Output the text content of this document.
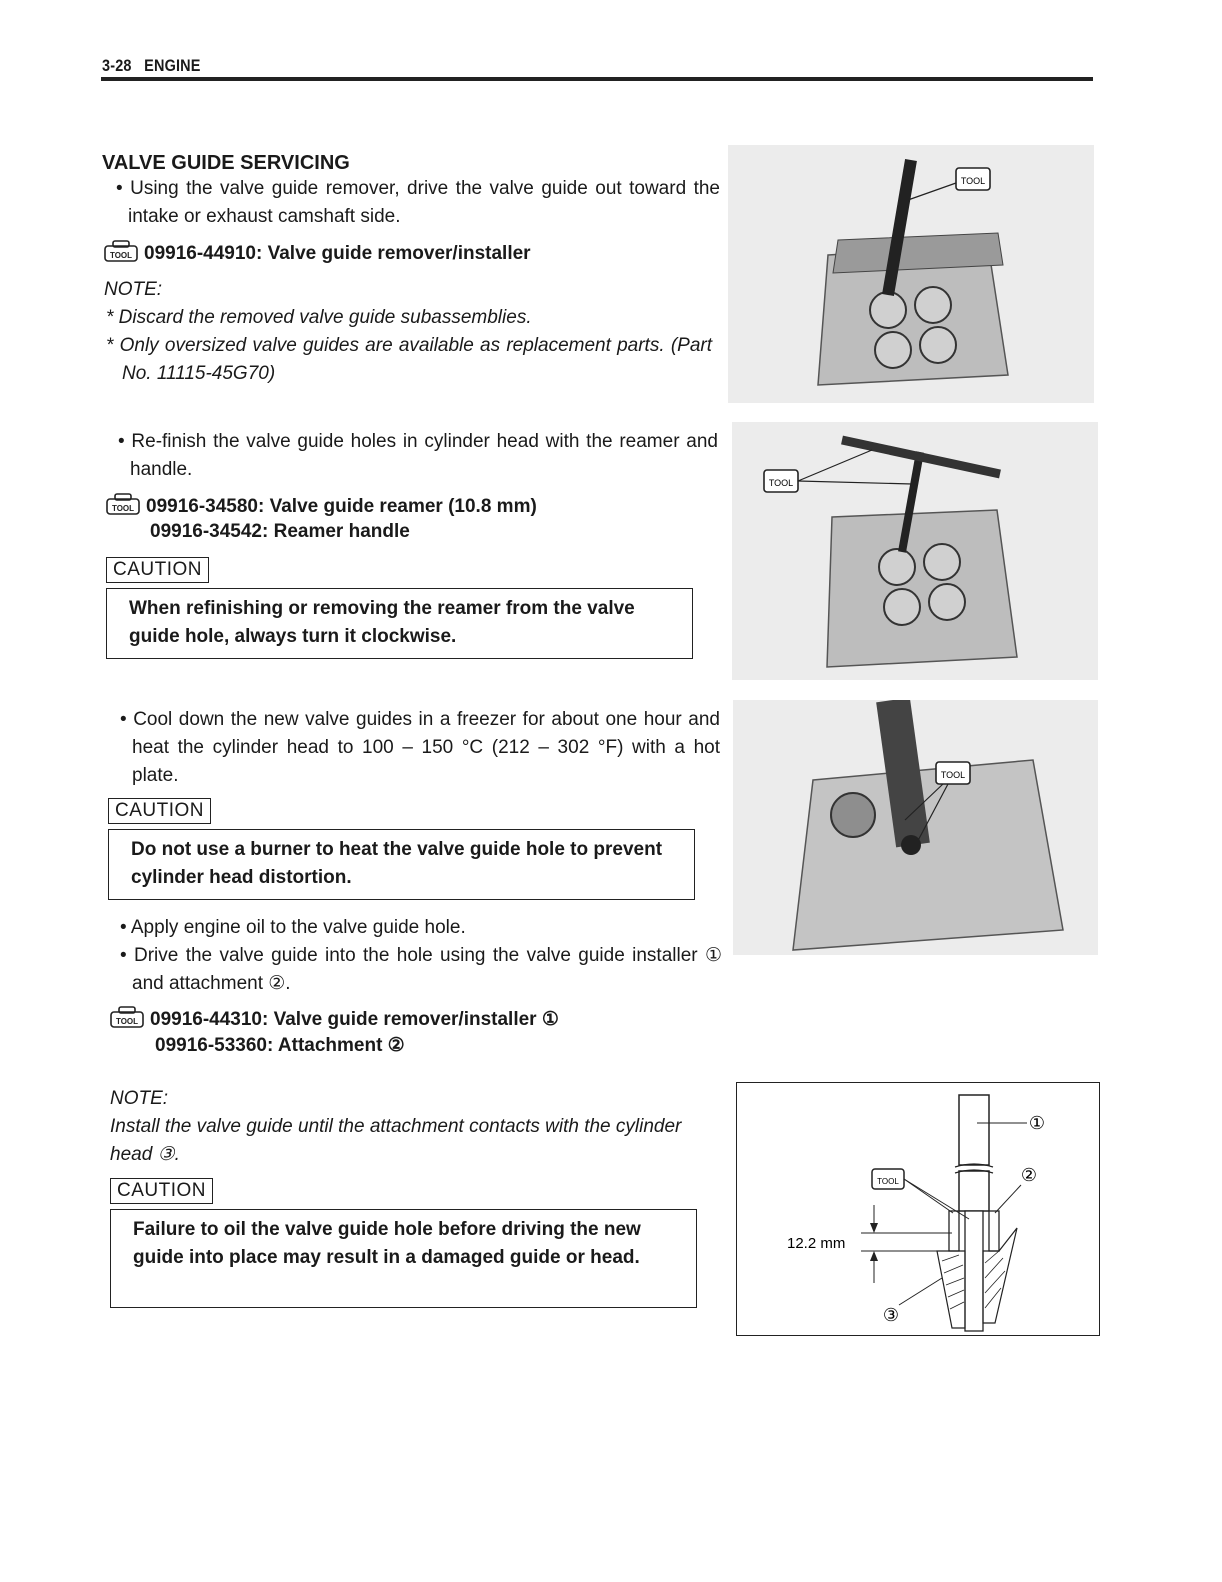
3-28 ENGINE
VALVE GUIDE SERVICING
• Using the valve guide remover, drive the valve guide out toward the intake or exhaust camshaft side.
TOOL 09916-44910: Valve guide remover/installer
NOTE:
* Discard the removed valve guide subassemblies.
* Only oversized valve guides are available as replacement parts. (Part No. 11115-45G70)
• Re-finish the valve guide holes in cylinder head with the reamer and handle.
TOOL 09916-34580: Valve guide reamer (10.8 mm)
09916-34542: Reamer handle
CAUTION
When refinishing or removing the reamer from the valve guide hole, always turn it clockwise.
• Cool down the new valve guides in a freezer for about one hour and heat the cylinder head to 100 – 150 °C (212 – 302 °F) with a hot plate.
CAUTION
Do not use a burner to heat the valve guide hole to prevent cylinder head distortion.
• Apply engine oil to the valve guide hole.
• Drive the valve guide into the hole using the valve guide installer ① and attachment ②.
TOOL 09916-44310: Valve guide remover/installer ①
09916-53360: Attachment ②
NOTE:
Install the valve guide until the attachment contacts with the cylinder head ③.
CAUTION
Failure to oil the valve guide hole before driving the new guide into place may result in a damaged guide or head.
TOOL
TOOL
TOOL
12.2 mm
TOOL
①
②
③
